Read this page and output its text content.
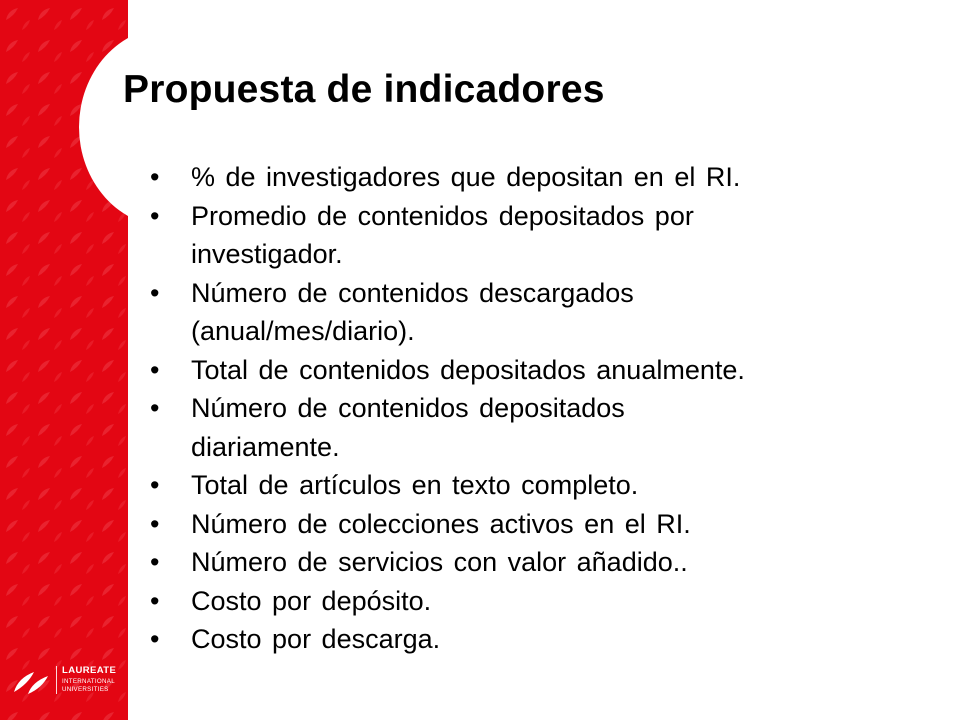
LAUREATE
INTERNATIONAL
UNIVERSITIES
Propuesta de indicadores
• % de investigadores que depositan en el RI.
• Promedio de contenidos depositados por
investigador.
• Número de contenidos descargados
(anual/mes/diario).
• Total de contenidos depositados anualmente.
• Número de contenidos depositados
diariamente.
• Total de artículos en texto completo.
• Número de colecciones activos en el RI.
• Número de servicios con valor añadido..
• Costo por depósito.
• Costo por descarga.
